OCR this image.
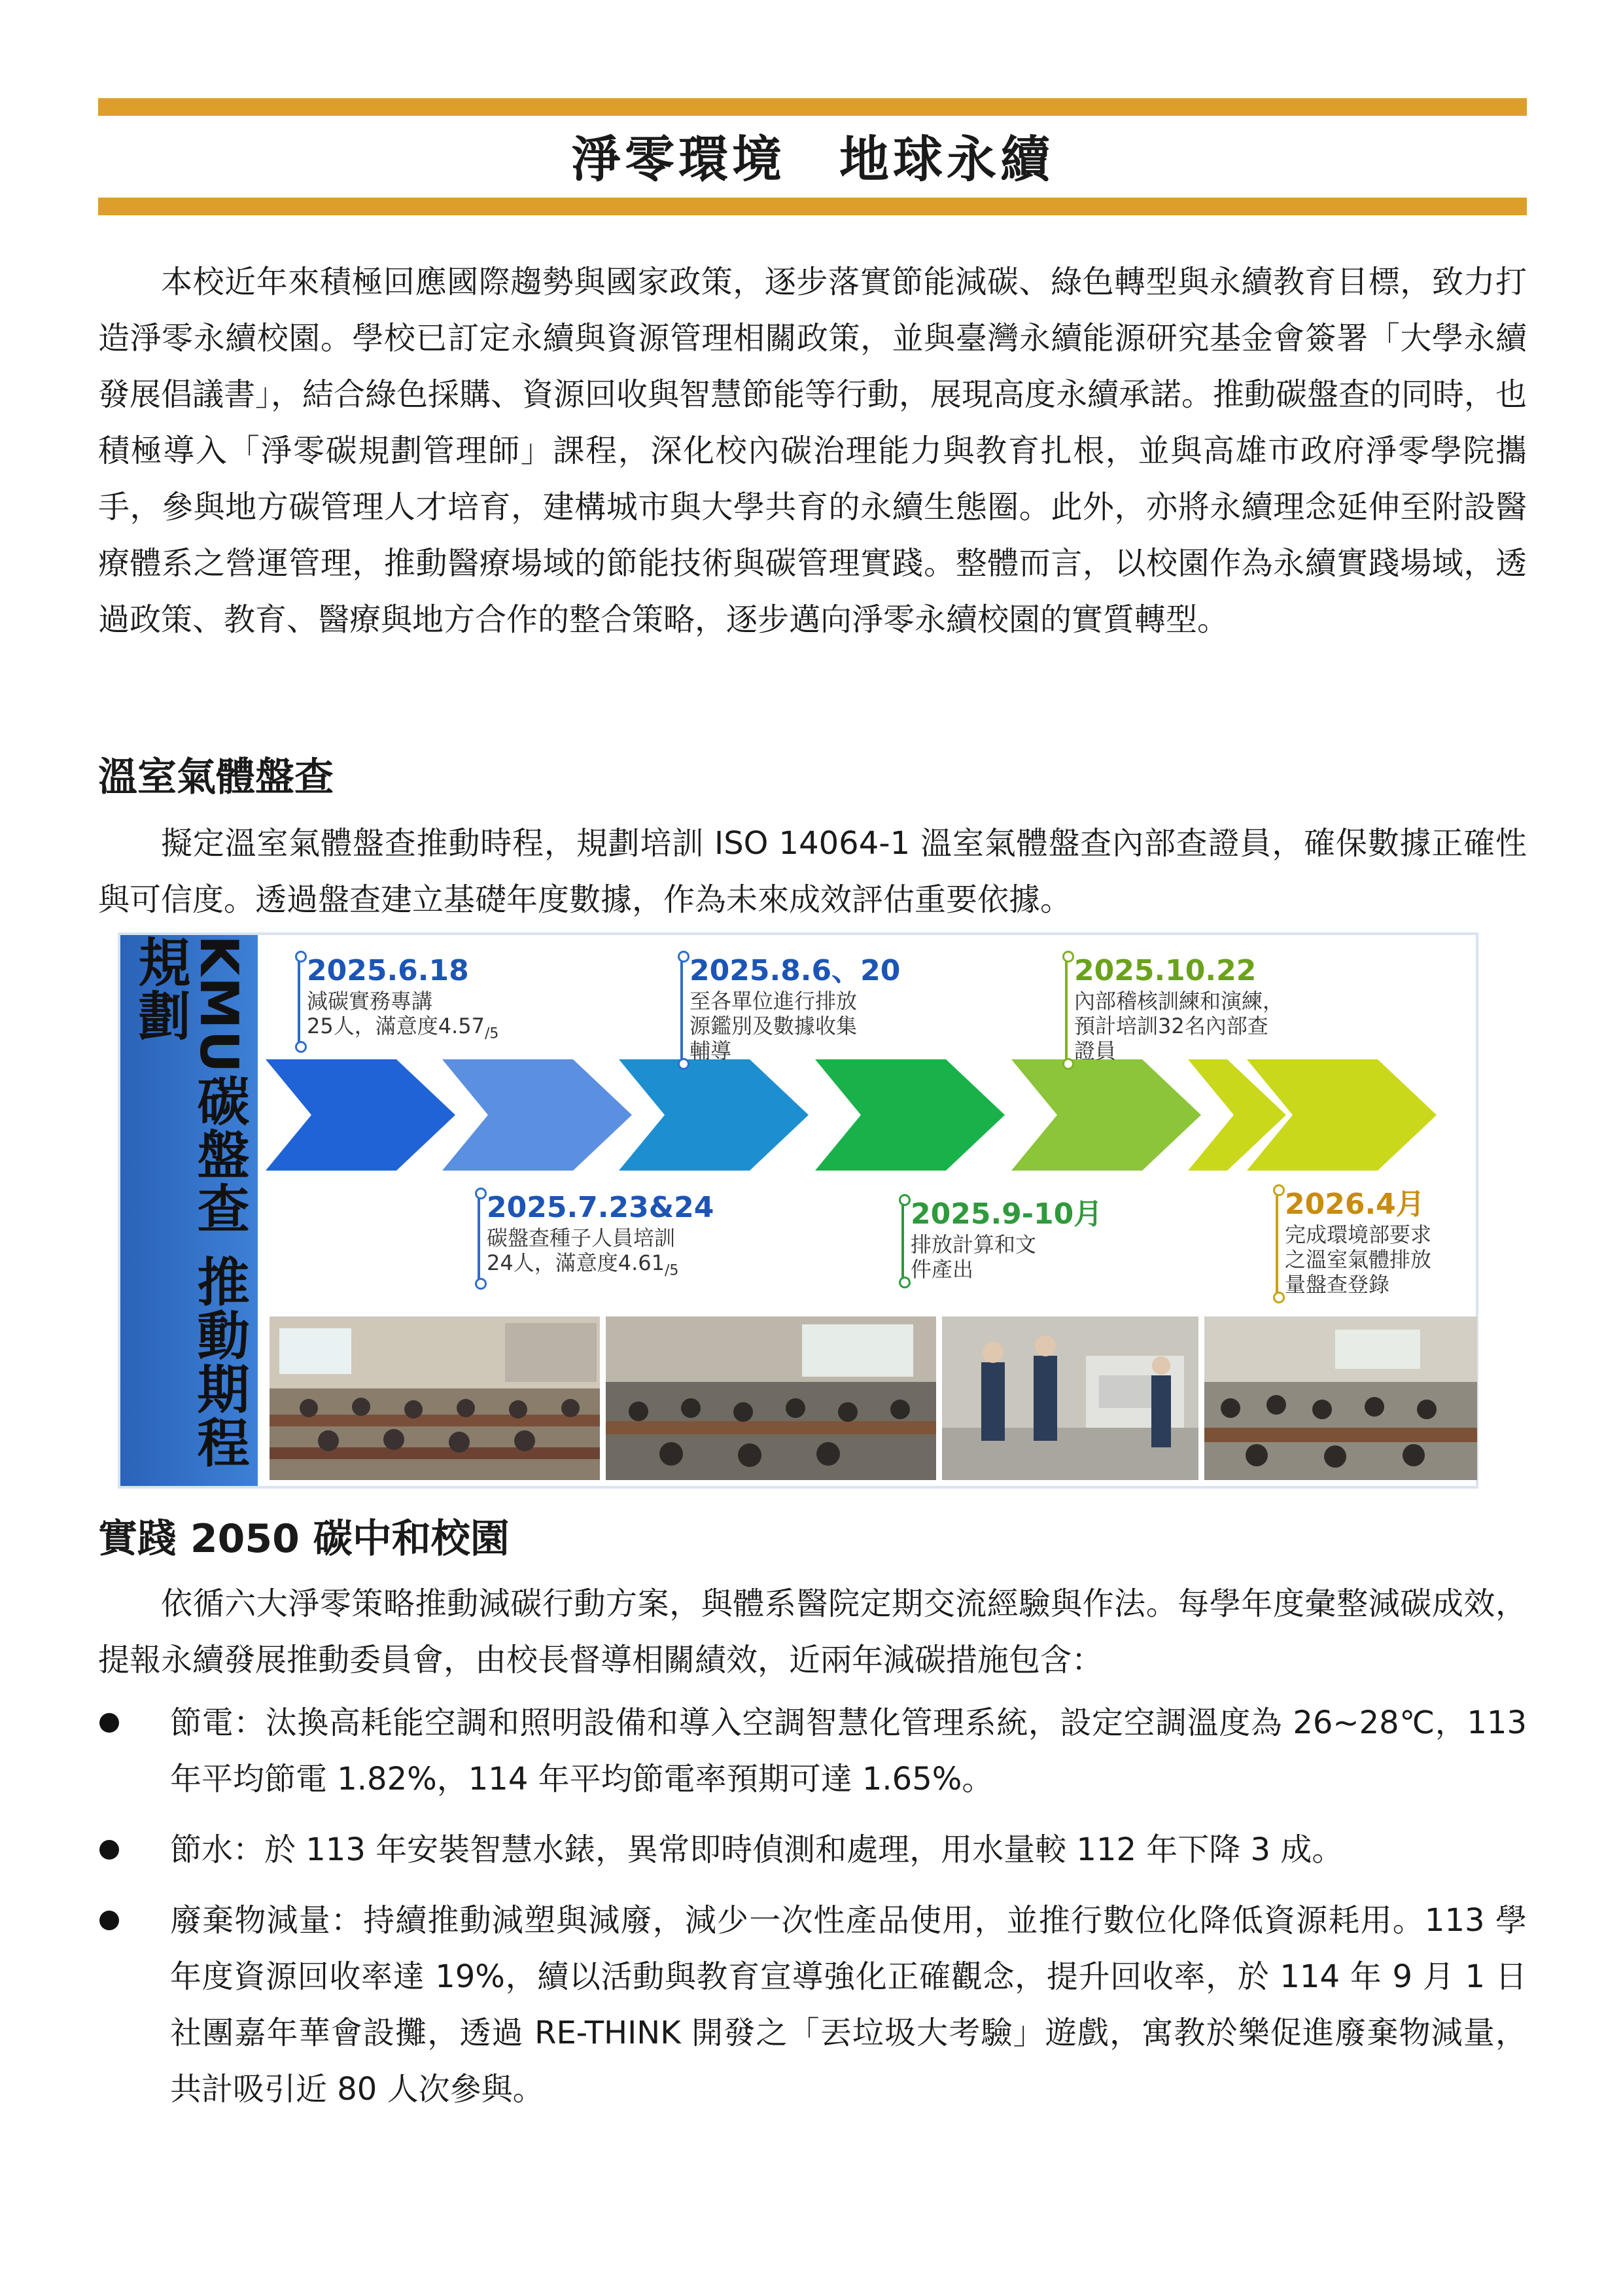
淨零環境　地球永續

本校近年來積極回應國際趨勢與國家政策，逐步落實節能減碳、綠色轉型與永續教育目標，致力打造淨零永續校園。學校已訂定永續與資源管理相關政策，並與臺灣永續能源研究基金會簽署「大學永續發展倡議書」，結合綠色採購、資源回收與智慧節能等行動，展現高度永續承諾。推動碳盤查的同時，也積極導入「淨零碳規劃管理師」課程，深化校內碳治理能力與教育扎根，並與高雄市政府淨零學院攜手，參與地方碳管理人才培育，建構城市與大學共育的永續生態圈。此外，亦將永續理念延伸至附設醫療體系之營運管理，推動醫療場域的節能技術與碳管理實踐。整體而言，以校園作為永續實踐場域，透過政策、教育、醫療與地方合作的整合策略，逐步邁向淨零永續校園的實質轉型。

溫室氣體盤查

擬定溫室氣體盤查推動時程，規劃培訓 ISO 14064-1 溫室氣體盤查內部查證員，確保數據正確性與可信度。透過盤查建立基礎年度數據，作為未來成效評估重要依據。

KMU碳盤查 推動期程規劃	2025.6.18
減碳實務專講
25人，滿意度$4.57_{/5}$
2025.8.6、20
至各單位進行排放
源鑑別及數據收集
輔導
2025.10.22
內部稽核訓練和演練，
預計培訓32名內部查
證員
2025.7.23&24
碳盤查種子人員培訓
24人，滿意度$4.61_{/5}$
2025.9-10月
排放計算和文
件產出
2026.4月
完成環境部要求
之溫室氣體排放
量盤查登錄
實踐 2050 碳中和校園

依循六大淨零策略推動減碳行動方案，與體系醫院定期交流經驗與作法。每學年度彙整減碳成效，提報永續發展推動委員會，由校長督導相關績效，近兩年減碳措施包含：

節電：汰換高耗能空調和照明設備和導入空調智慧化管理系統，設定空調溫度為 26~28℃，113 年平均節電 1.82%，114 年平均節電率預期可達 1.65%。
節水：於 113 年安裝智慧水錶，異常即時偵測和處理，用水量較 112 年下降 3 成。
廢棄物減量：持續推動減塑與減廢，減少一次性產品使用，並推行數位化降低資源耗用。113 學年度資源回收率達 19%，續以活動與教育宣導強化正確觀念，提升回收率，於 114 年 9 月 1 日社團嘉年華會設攤，透過 RE-THINK 開發之「丟垃圾大考驗」遊戲，寓教於樂促進廢棄物減量，共計吸引近 80 人次參與。
